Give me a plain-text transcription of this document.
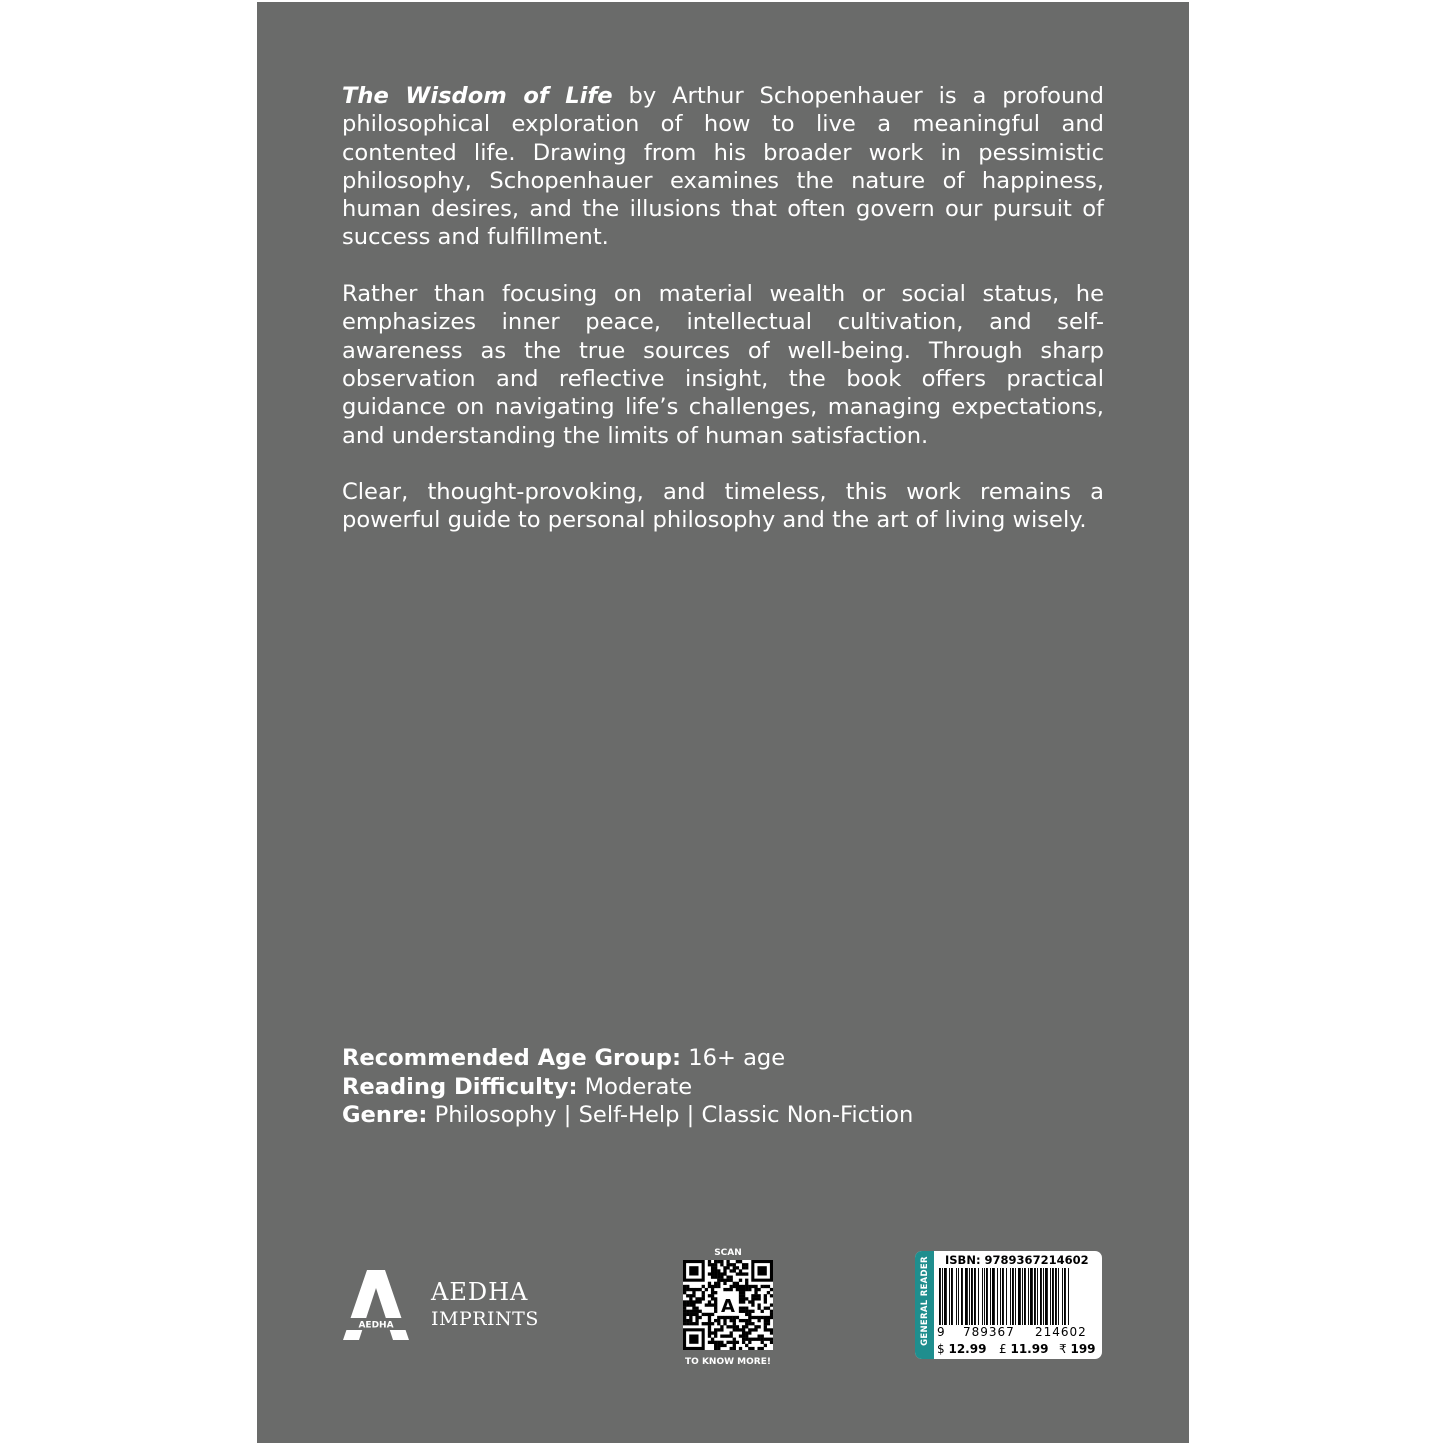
The Wisdom of Life by Arthur Schopenhauer is a profound philosophical exploration of how to live a meaningful and contented life. Drawing from his broader work in pessimistic philosophy, Schopenhauer examines the nature of happiness, human desires, and the illusions that often govern our pursuit of success and fulfillment.

Rather than focusing on material wealth or social status, he emphasizes inner peace, intellectual cultivation, and self-awareness as the true sources of well-being. Through sharp observation and reflective insight, the book offers practical guidance on navigating life’s challenges, managing expectations, and understanding the limits of human satisfaction.

Clear, thought-provoking, and timeless, this work remains a powerful guide to personal philosophy and the art of living wisely.

Recommended Age Group: 16+ age
Reading Difficulty: Moderate
Genre: Philosophy | Self-Help | Classic Non-Fiction
AEDHA
AEDHA
IMPRINTS
SCAN
A
TO KNOW MORE!
GENERAL READER ISBN: 9789367214602
9 789367 214602
$ 12.99 £ 11.99 ₹ 199
